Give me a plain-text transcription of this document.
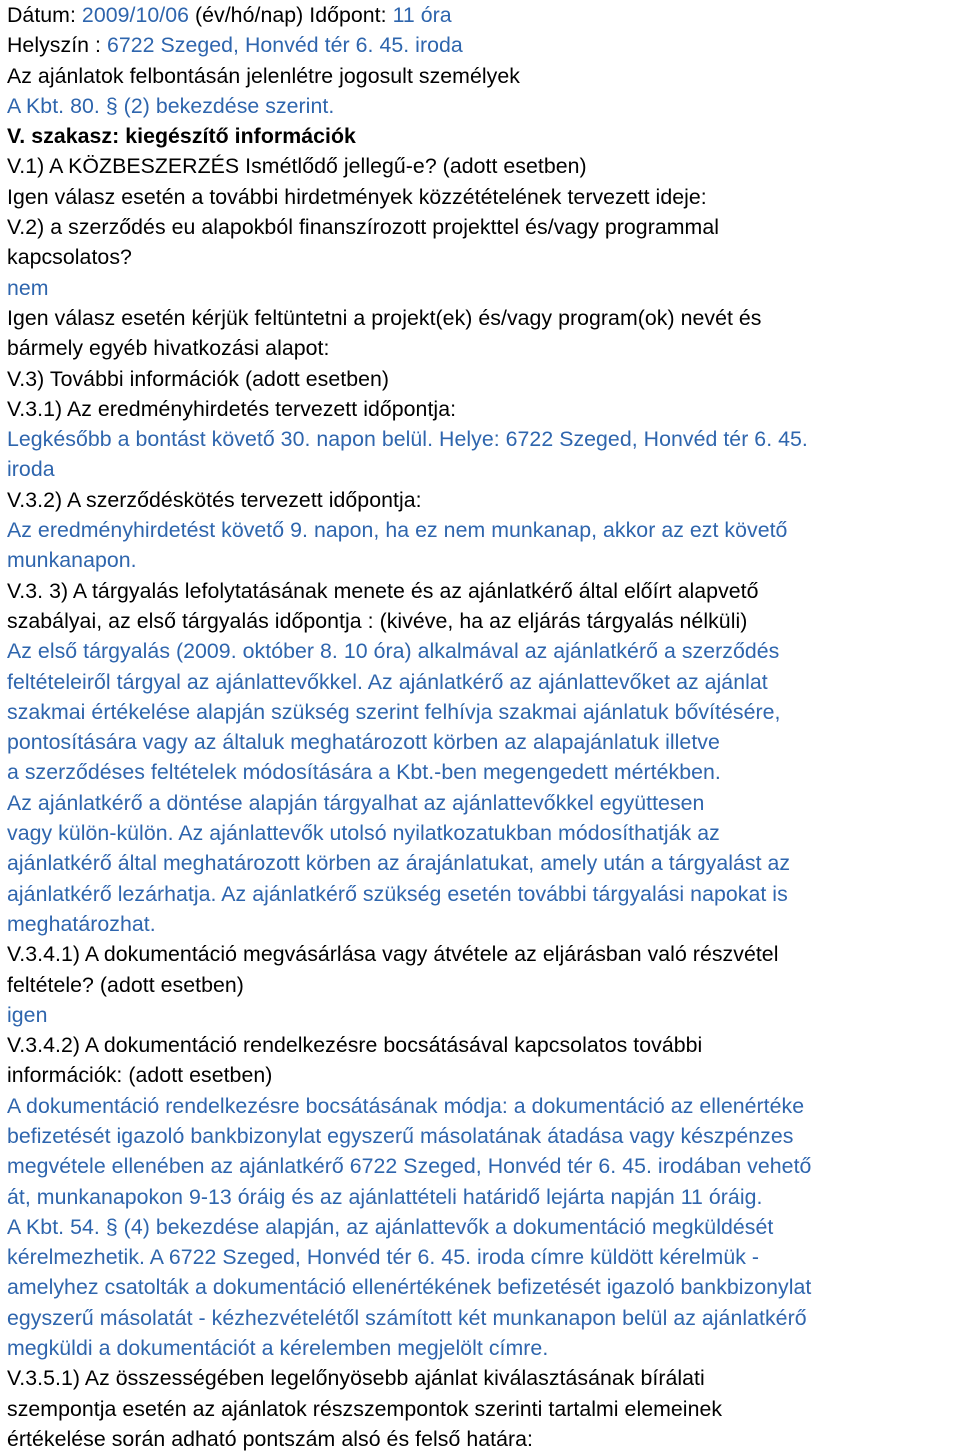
Dátum: 2009/10/06 (év/hó/nap) Időpont: 11 óra
Helyszín : 6722 Szeged, Honvéd tér 6. 45. iroda
Az ajánlatok felbontásán jelenlétre jogosult személyek
A Kbt. 80. § (2) bekezdése szerint.
V. szakasz: kiegészítő információk
V.1) A KÖZBESZERZÉS Ismétlődő jellegű-e? (adott esetben)
Igen válasz esetén a további hirdetmények közzétételének tervezett ideje:
V.2) a szerződés eu alapokból finanszírozott projekttel és/vagy programmal
kapcsolatos?
nem
Igen válasz esetén kérjük feltüntetni a projekt(ek) és/vagy program(ok) nevét és
bármely egyéb hivatkozási alapot:
V.3) További információk (adott esetben)
V.3.1) Az eredményhirdetés tervezett időpontja:
Legkésőbb a bontást követő 30. napon belül. Helye: 6722 Szeged, Honvéd tér 6. 45.
iroda
V.3.2) A szerződéskötés tervezett időpontja:
Az eredményhirdetést követő 9. napon, ha ez nem munkanap, akkor az ezt követő
munkanapon.
V.3. 3) A tárgyalás lefolytatásának menete és az ajánlatkérő által előírt alapvető
szabályai, az első tárgyalás időpontja : (kivéve, ha az eljárás tárgyalás nélküli)
Az első tárgyalás (2009. október 8. 10 óra) alkalmával az ajánlatkérő a szerződés
feltételeiről tárgyal az ajánlattevőkkel. Az ajánlatkérő az ajánlattevőket az ajánlat
szakmai értékelése alapján szükség szerint felhívja szakmai ajánlatuk bővítésére,
pontosítására vagy az általuk meghatározott körben az alapajánlatuk illetve
a szerződéses feltételek módosítására a Kbt.-ben megengedett mértékben.
Az ajánlatkérő a döntése alapján tárgyalhat az ajánlattevőkkel együttesen
vagy külön-külön. Az ajánlattevők utolsó nyilatkozatukban módosíthatják az
ajánlatkérő által meghatározott körben az árajánlatukat, amely után a tárgyalást az
ajánlatkérő lezárhatja. Az ajánlatkérő szükség esetén további tárgyalási napokat is
meghatározhat.
V.3.4.1) A dokumentáció megvásárlása vagy átvétele az eljárásban való részvétel
feltétele? (adott esetben)
igen
V.3.4.2) A dokumentáció rendelkezésre bocsátásával kapcsolatos további
információk: (adott esetben)
A dokumentáció rendelkezésre bocsátásának módja: a dokumentáció az ellenértéke
befizetését igazoló bankbizonylat egyszerű másolatának átadása vagy készpénzes
megvétele ellenében az ajánlatkérő 6722 Szeged, Honvéd tér 6. 45. irodában vehető
át, munkanapokon 9-13 óráig és az ajánlattételi határidő lejárta napján 11 óráig.
A Kbt. 54. § (4) bekezdése alapján, az ajánlattevők a dokumentáció megküldését
kérelmezhetik. A 6722 Szeged, Honvéd tér 6. 45. iroda címre küldött kérelmük -
amelyhez csatolták a dokumentáció ellenértékének befizetését igazoló bankbizonylat
egyszerű másolatát - kézhezvételétől számított két munkanapon belül az ajánlatkérő
megküldi a dokumentációt a kérelemben megjelölt címre.
V.3.5.1) Az összességében legelőnyösebb ajánlat kiválasztásának bírálati
szempontja esetén az ajánlatok részszempontok szerinti tartalmi elemeinek
értékelése során adható pontszám alsó és felső határa:
